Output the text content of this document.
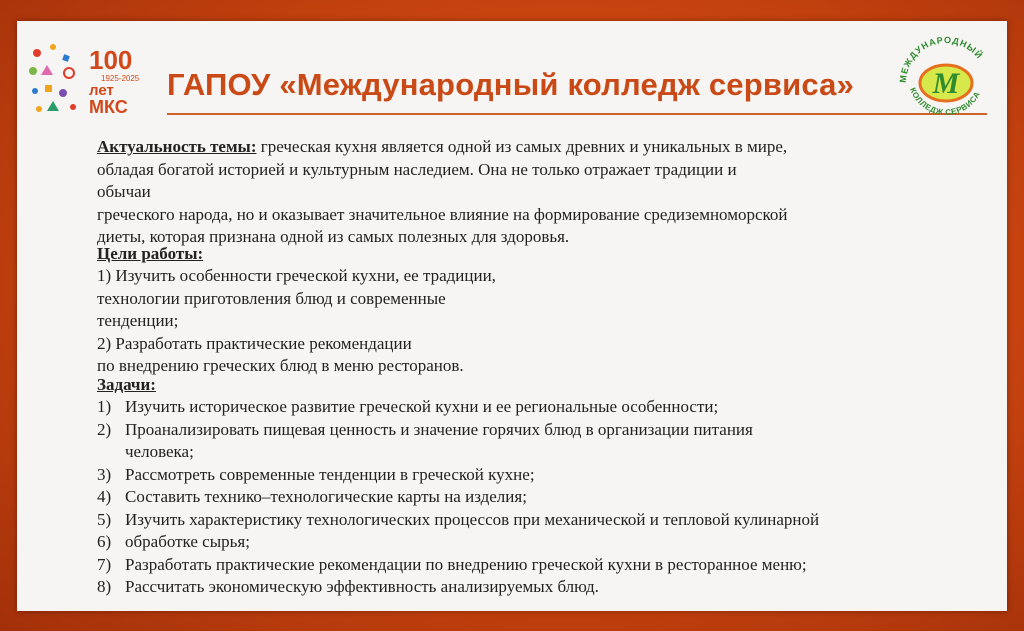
100
1925-2025
лет
МКС
ГАПОУ «Международный колледж сервиса»	М
МЕЖДУНАРОДНЫЙ
КОЛЛЕДЖ СЕРВИСА

Актуальность темы: греческая кухня является одной из самых древних и уникальных в мире,

обладая богатой историей и культурным наследием. Она не только отражает традиции и

обычаи

греческого народа, но и оказывает значительное влияние на формирование средиземноморской

диеты, которая признана одной из самых полезных для здоровья.

Цели работы:

1) Изучить особенности греческой кухни, ее традиции,

технологии приготовления блюд и современные

тенденции;

2) Разработать практические рекомендации

по внедрению греческих блюд в меню ресторанов.

Задачи:

1) Изучить историческое развитие греческой кухни и ее региональные особенности;
2) Проанализировать пищевая ценность и значение горячих блюд в организации питания
человека;
3) Рассмотреть современные тенденции в греческой кухне;
4) Составить технико–технологические карты на изделия;
5) Изучить характеристику технологических процессов при механической и тепловой кулинарной
6) обработке сырья;
7) Разработать практические рекомендации по внедрению греческой кухни в ресторанное меню;
8) Рассчитать экономическую эффективность анализируемых блюд.
